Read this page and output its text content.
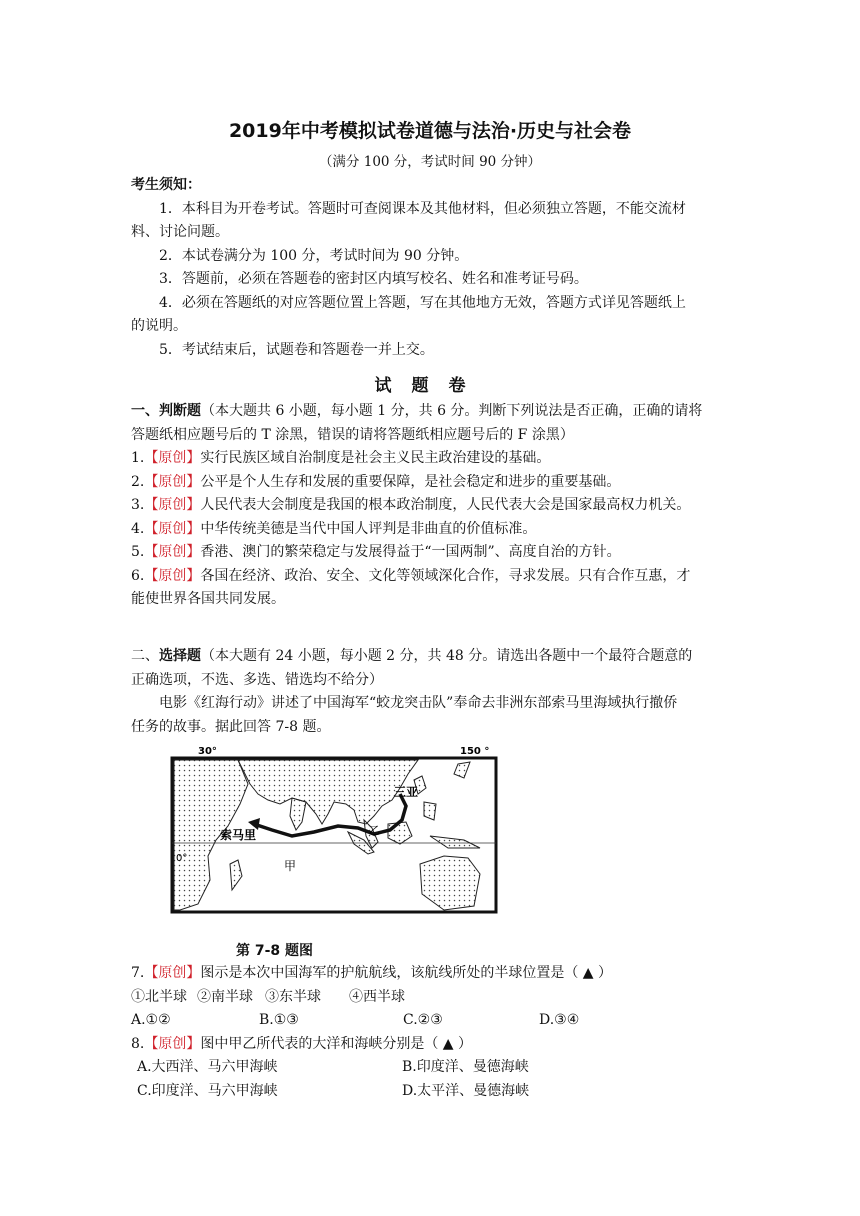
2019年中考模拟试卷道德与法治·历史与社会卷
（满分 100 分，考试时间 90 分钟）
考生须知：
1．本科目为开卷考试。答题时可查阅课本及其他材料，但必须独立答题，不能交流材
料、讨论问题。
2．本试卷满分为 100 分，考试时间为 90 分钟。
3．答题前，必须在答题卷的密封区内填写校名、姓名和准考证号码。
4．必须在答题纸的对应答题位置上答题，写在其他地方无效，答题方式详见答题纸上
的说明。
5．考试结束后，试题卷和答题卷一并上交。
试题卷
一、判断题（本大题共 6 小题，每小题 1 分，共 6 分。判断下列说法是否正确，正确的请将
答题纸相应题号后的 T 涂黑，错误的请将答题纸相应题号后的 F 涂黑）
1.【原创】实行民族区域自治制度是社会主义民主政治建设的基础。
2.【原创】公平是个人生存和发展的重要保障，是社会稳定和进步的重要基础。
3.【原创】人民代表大会制度是我国的根本政治制度，人民代表大会是国家最高权力机关。
4.【原创】中华传统美德是当代中国人评判是非曲直的价值标准。
5.【原创】香港、澳门的繁荣稳定与发展得益于“一国两制”、高度自治的方针。
6.【原创】各国在经济、政治、安全、文化等领域深化合作，寻求发展。只有合作互惠，才
能使世界各国共同发展。
二、选择题（本大题有 24 小题，每小题 2 分，共 48 分。请选出各题中一个最符合题意的
正确选项，不选、多选、错选均不给分）
电影《红海行动》讲述了中国海军“蛟龙突击队”奉命去非洲东部索马里海域执行撤侨
任务的故事。据此回答 7-8 题。
30°	150 °
0°
三亚
索马里
甲
乙
第 7-8 题图
7.【原创】图示是本次中国海军的护航航线，该航线所处的半球位置是（ ▲ ）
①北半球 ②南半球 ③东半球	④西半球
A.①②	B.①③	C.②③	D.③④
8.【原创】图中甲乙所代表的大洋和海峡分别是（ ▲ ）
A.大西洋、马六甲海峡	B.印度洋、曼德海峡
C.印度洋、马六甲海峡	D.太平洋、曼德海峡
